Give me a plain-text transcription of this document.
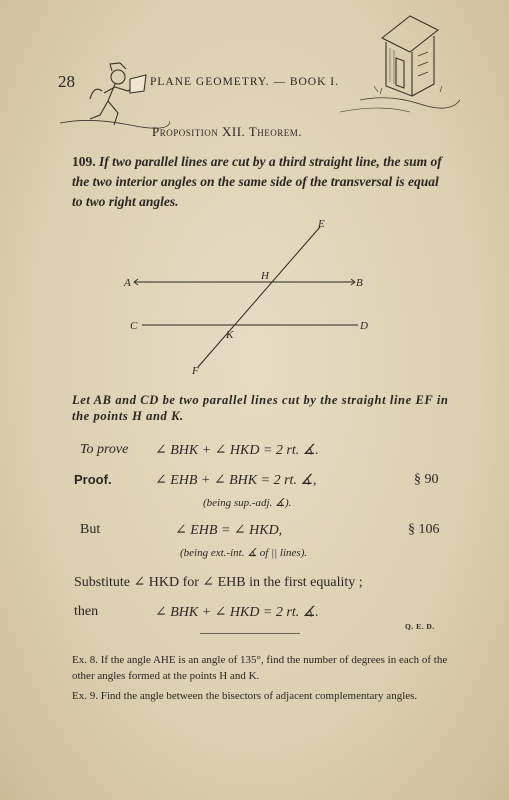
28	PLANE GEOMETRY. — BOOK I.
Proposition XII. Theorem.
109. If two parallel lines are cut by a third straight line, the sum of the two interior angles on the same side of the transversal is equal to two right angles.
A	B
C	D
E
F
H
K
Let AB and CD be two parallel lines cut by the straight line EF in the points H and K.
To prove ∠ BHK + ∠ HKD = 2 rt. ∡.
Proof.	∠ EHB + ∠ BHK = 2 rt. ∡,	§ 90
(being sup.-adj. ∡).
But	∠ EHB = ∠ HKD,	§ 106
(being ext.-int. ∡ of || lines).
Substitute ∠ HKD for ∠ EHB in the first equality ;
then	∠ BHK + ∠ HKD = 2 rt. ∡.
Q. E. D.
Ex. 8. If the angle AHE is an angle of 135°, find the number of degrees in each of the other angles formed at the points H and K.
Ex. 9. Find the angle between the bisectors of adjacent complementary angles.
